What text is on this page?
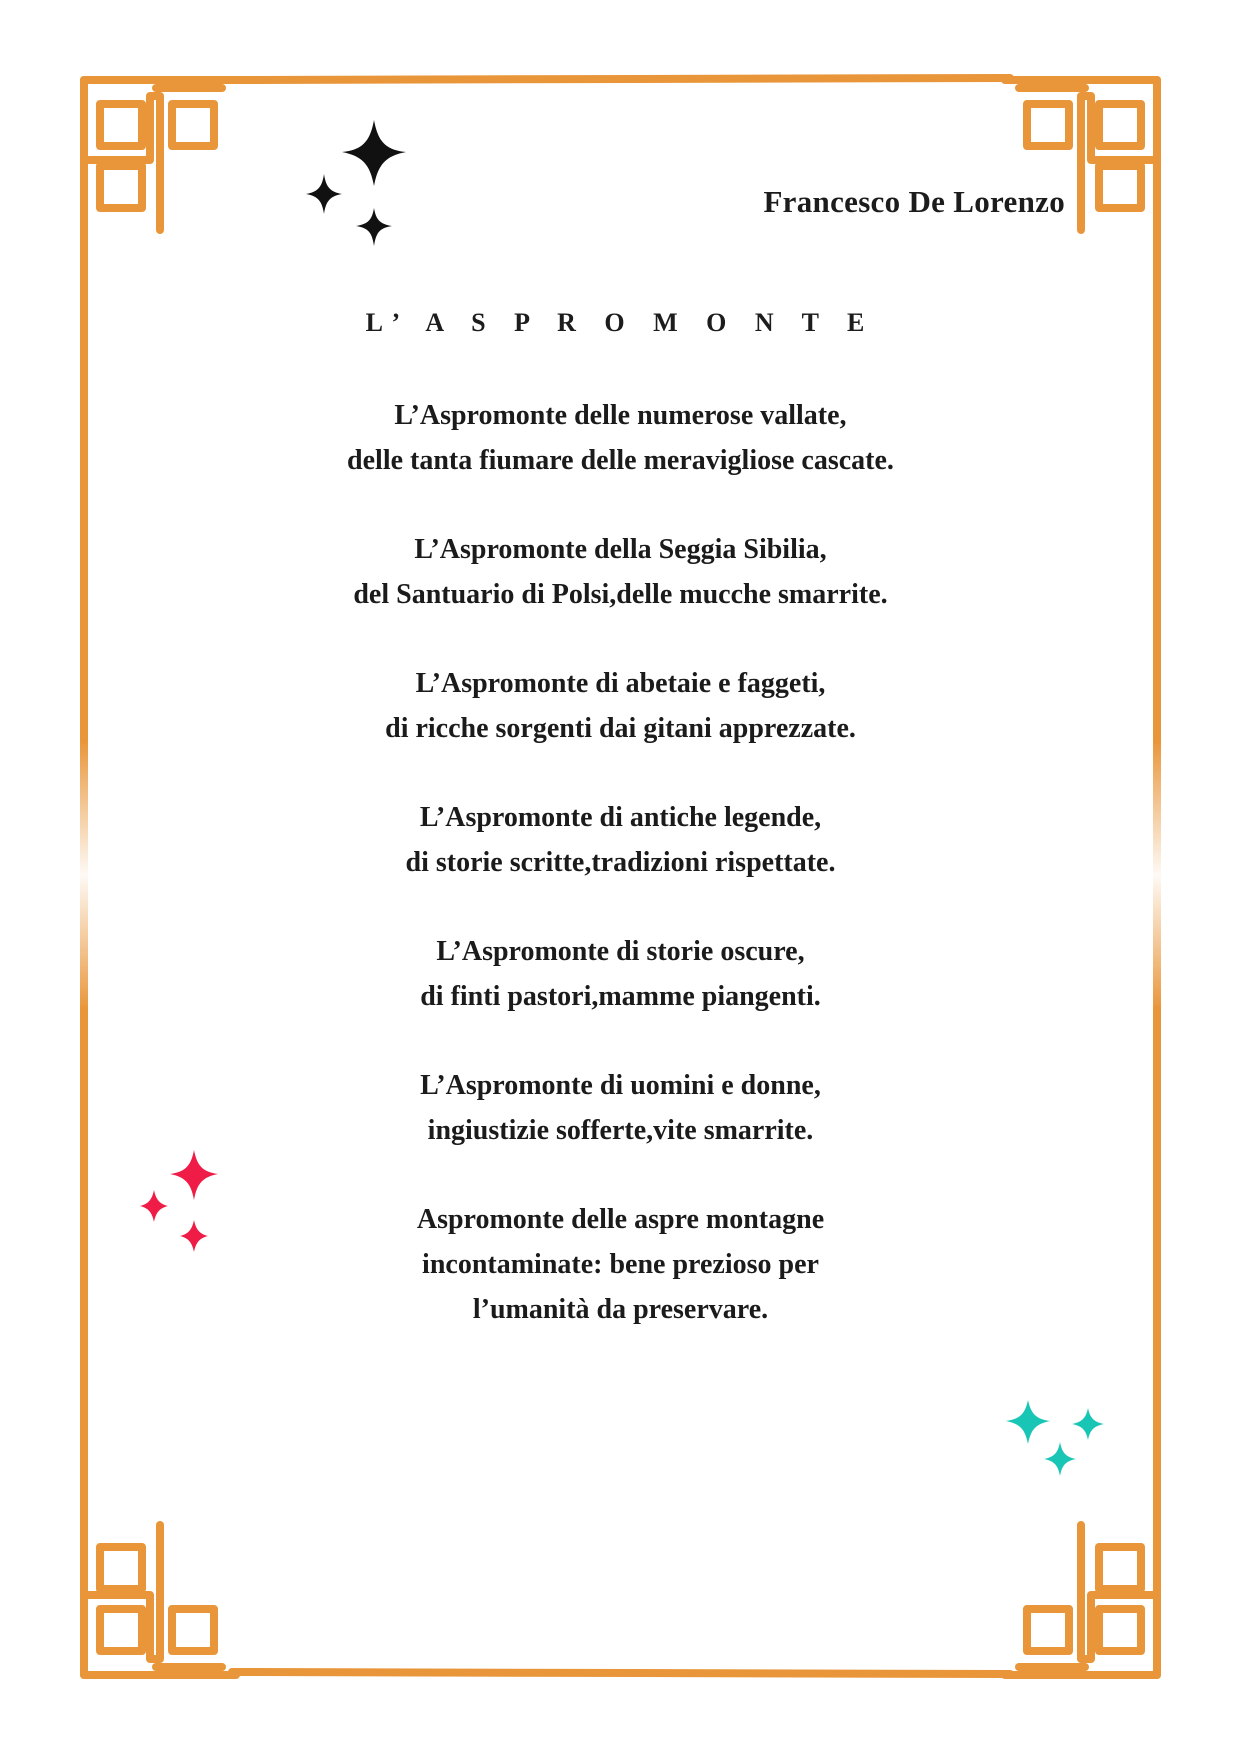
Francesco De Lorenzo
L’ A S P R O M O N T E
L’Aspromonte delle numerose vallate,
delle tanta fiumare delle meravigliose cascate.
L’Aspromonte della Seggia Sibilia,
del Santuario di Polsi,delle mucche smarrite.
L’Aspromonte di abetaie e faggeti,
di ricche sorgenti dai gitani apprezzate.
L’Aspromonte di antiche legende,
di storie scritte,tradizioni rispettate.
L’Aspromonte di storie oscure,
di finti pastori,mamme piangenti.
L’Aspromonte di uomini e donne,
ingiustizie sofferte,vite smarrite.
Aspromonte delle aspre montagne
incontaminate: bene prezioso per
l’umanità da preservare.
